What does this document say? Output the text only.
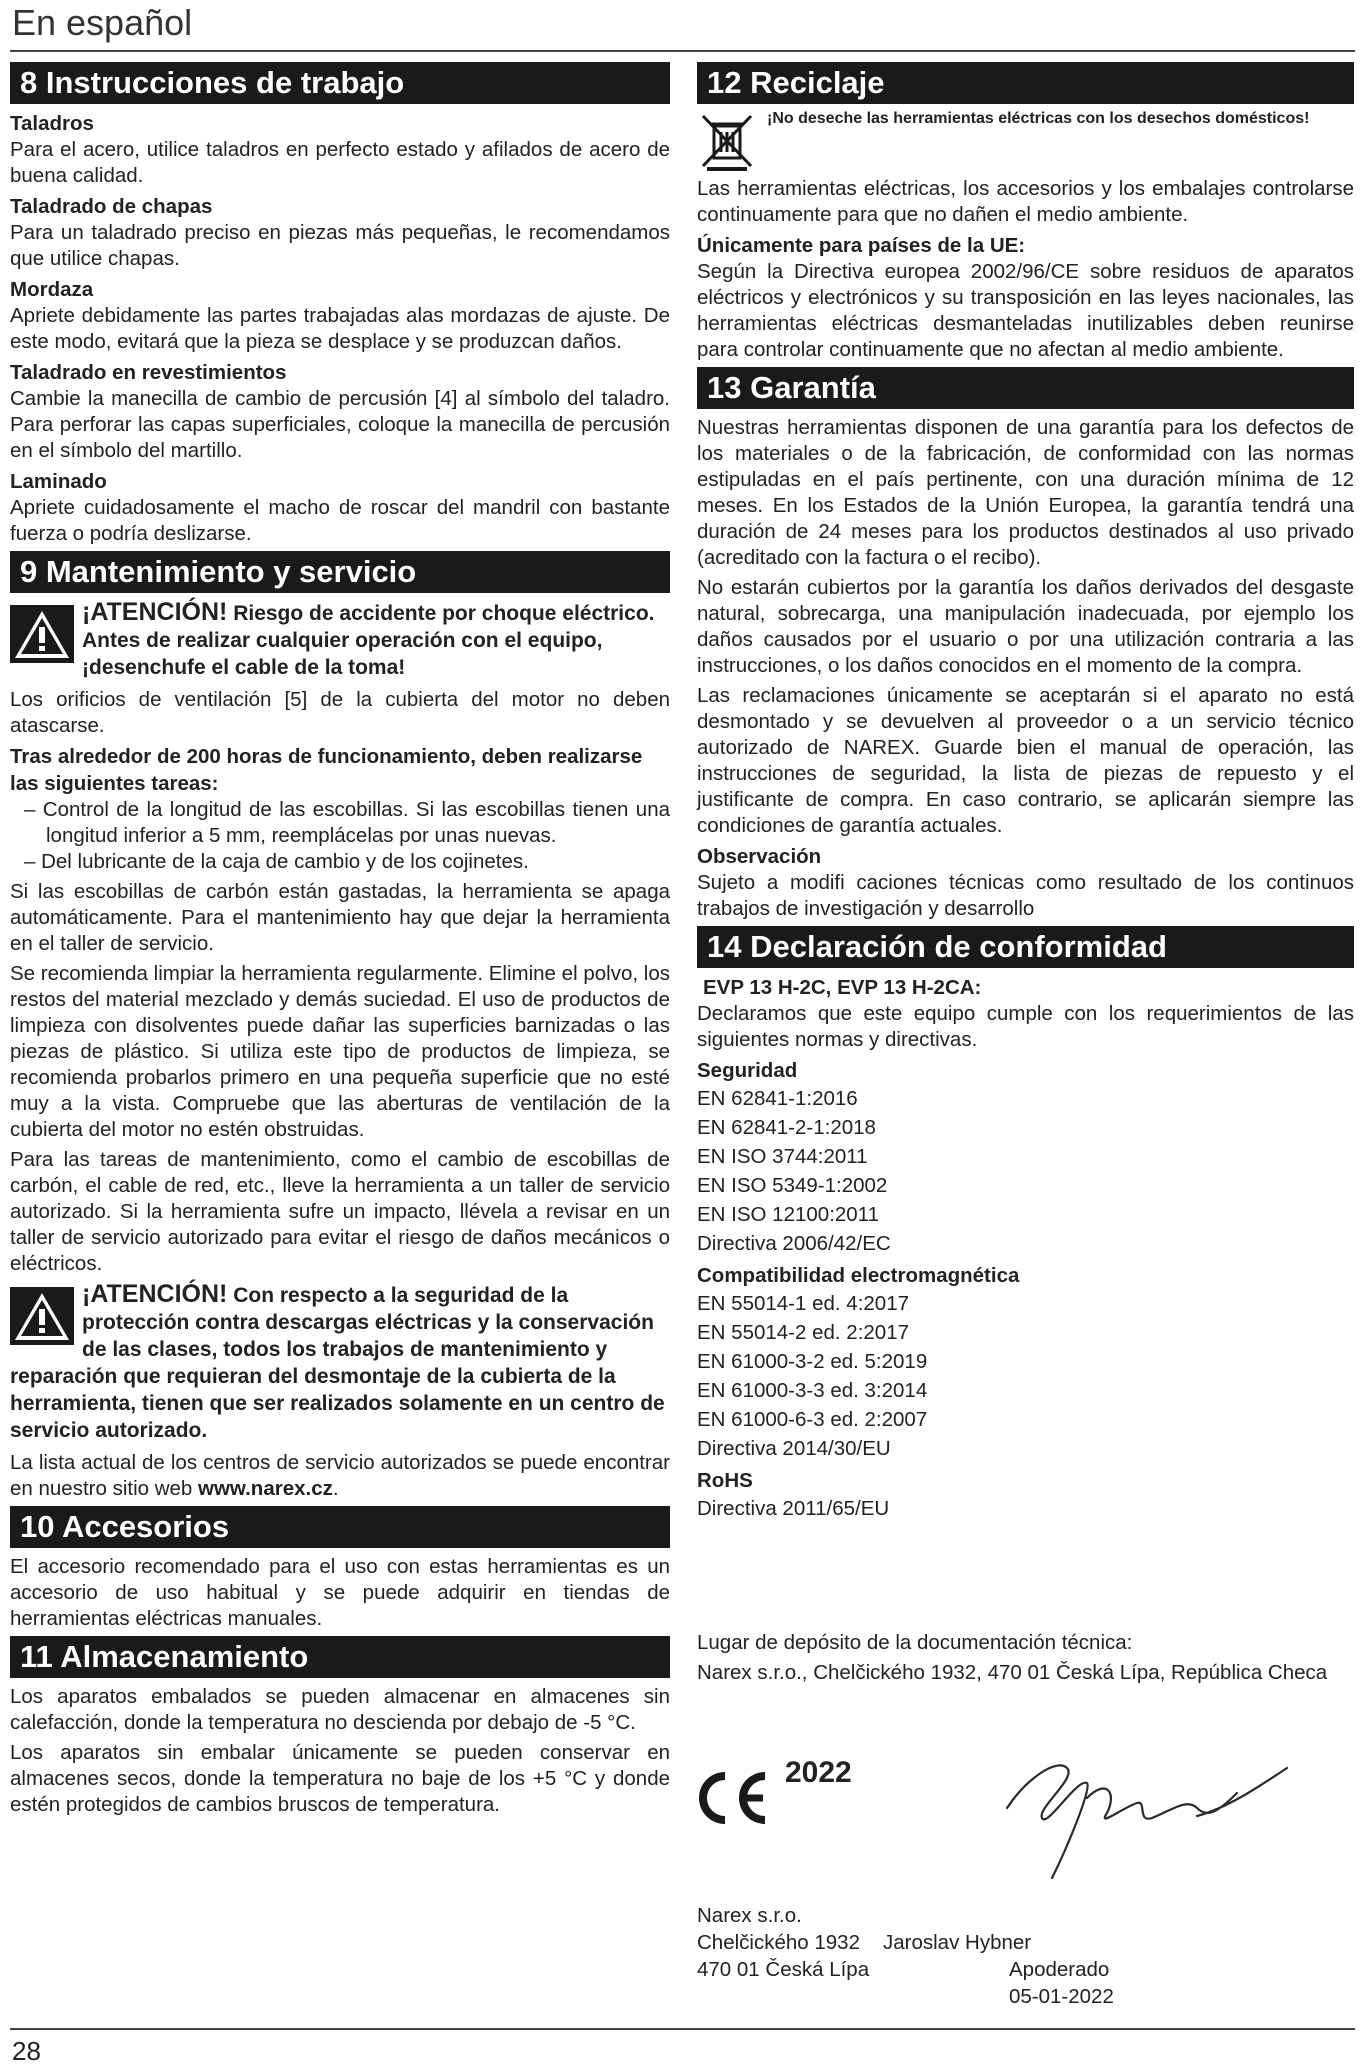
En español
8 Instrucciones de trabajo
Taladros

Para el acero, utilice taladros en perfecto estado y afilados de acero de buena calidad.

Taladrado de chapas

Para un taladrado preciso en piezas más pequeñas, le recomendamos que utilice chapas.

Mordaza

Apriete debidamente las partes trabajadas alas mordazas de ajuste. De este modo, evitará que la pieza se desplace y se produzcan daños.

Taladrado en revestimientos

Cambie la manecilla de cambio de percusión [4] al símbolo del taladro. Para perforar las capas superficiales, coloque la manecilla de percusión en el símbolo del martillo.

Laminado

Apriete cuidadosamente el macho de roscar del mandril con bastante fuerza o podría deslizarse.

9 Mantenimiento y servicio
¡ATENCIÓN! Riesgo de accidente por choque eléctrico. Antes de realizar cualquier operación con el equipo, ¡desenchufe el cable de la toma!

Los orificios de ventilación [5] de la cubierta del motor no deben atascarse.

Tras alrededor de 200 horas de funcionamiento, deben realizarse las siguientes tareas:
– Control de la longitud de las escobillas. Si las escobillas tienen una longitud inferior a 5 mm, reemplácelas por unas nuevas.
– Del lubricante de la caja de cambio y de los cojinetes.

Si las escobillas de carbón están gastadas, la herramienta se apaga automáticamente. Para el mantenimiento hay que dejar la herramienta en el taller de servicio.

Se recomienda limpiar la herramienta regularmente. Elimine el polvo, los restos del material mezclado y demás suciedad. El uso de productos de limpieza con disolventes puede dañar las superficies barnizadas o las piezas de plástico. Si utiliza este tipo de productos de limpieza, se recomienda probarlos primero en una pequeña superficie que no esté muy a la vista. Compruebe que las aberturas de ventilación de la cubierta del motor no estén obstruidas.

Para las tareas de mantenimiento, como el cambio de escobillas de carbón, el cable de red, etc., lleve la herramienta a un taller de servicio autorizado. Si la herramienta sufre un impacto, llévela a revisar en un taller de servicio autorizado para evitar el riesgo de daños mecánicos o eléctricos.

¡ATENCIÓN! Con respecto a la seguridad de la protección contra descargas eléctricas y la conservación de las clases, todos los trabajos de mantenimiento y reparación que requieran del desmontaje de la cubierta de la herramienta, tienen que ser realizados solamente en un centro de servicio autorizado.

La lista actual de los centros de servicio autorizados se puede encontrar en nuestro sitio web www.narex.cz.

10 Accesorios

El accesorio recomendado para el uso con estas herramientas es un accesorio de uso habitual y se puede adquirir en tiendas de herramientas eléctricas manuales.

11 Almacenamiento

Los aparatos embalados se pueden almacenar en almacenes sin calefacción, donde la temperatura no descienda por debajo de -5 °C.

Los aparatos sin embalar únicamente se pueden conservar en almacenes secos, donde la temperatura no baje de los +5 °C y donde estén protegidos de cambios bruscos de temperatura.

12 Reciclaje
¡No deseche las herramientas eléctricas con los desechos domésticos!

Las herramientas eléctricas, los accesorios y los embalajes controlarse continuamente para que no dañen el medio ambiente.

Únicamente para países de la UE:

Según la Directiva europea 2002/96/CE sobre residuos de aparatos eléctricos y electrónicos y su transposición en las leyes nacionales, las herramientas eléctricas desmanteladas inutilizables deben reunirse para controlar continuamente que no afectan al medio ambiente.

13 Garantía

Nuestras herramientas disponen de una garantía para los defectos de los materiales o de la fabricación, de conformidad con las normas estipuladas en el país pertinente, con una duración mínima de 12 meses. En los Estados de la Unión Europea, la garantía tendrá una duración de 24 meses para los productos destinados al uso privado (acreditado con la factura o el recibo).

No estarán cubiertos por la garantía los daños derivados del desgaste natural, sobrecarga, una manipulación inadecuada, por ejemplo los daños causados por el usuario o por una utilización contraria a las instrucciones, o los daños conocidos en el momento de la compra.

Las reclamaciones únicamente se aceptarán si el aparato no está desmontado y se devuelven al proveedor o a un servicio técnico autorizado de NAREX. Guarde bien el manual de operación, las instrucciones de seguridad, la lista de piezas de repuesto y el justificante de compra. En caso contrario, se aplicarán siempre las condiciones de garantía actuales.

Observación

Sujeto a modifi caciones técnicas como resultado de los continuos trabajos de investigación y desarrollo

14 Declaración de conformidad
EVP 13 H-2C, EVP 13 H-2CA:

Declaramos que este equipo cumple con los requerimientos de las siguientes normas y directivas.

Seguridad
EN 62841-1:2016
EN 62841-2-1:2018
EN ISO 3744:2011
EN ISO 5349-1:2002
EN ISO 12100:2011
Directiva 2006/42/EC
Compatibilidad electromagnética
EN 55014-1 ed. 4:2017
EN 55014-2 ed. 2:2017
EN 61000-3-2 ed. 5:2019
EN 61000-3-3 ed. 3:2014
EN 61000-6-3 ed. 2:2007
Directiva 2014/30/EU
RoHS
Directiva 2011/65/EU
Lugar de depósito de la documentación técnica:
Narex s.r.o., Chelčického 1932, 470 01 Česká Lípa, República Checa
2022
Narex s.r.o.
Chelčického 1932
470 01 Česká Lípa
Jaroslav Hybner
Apoderado
05-01-2022
28
